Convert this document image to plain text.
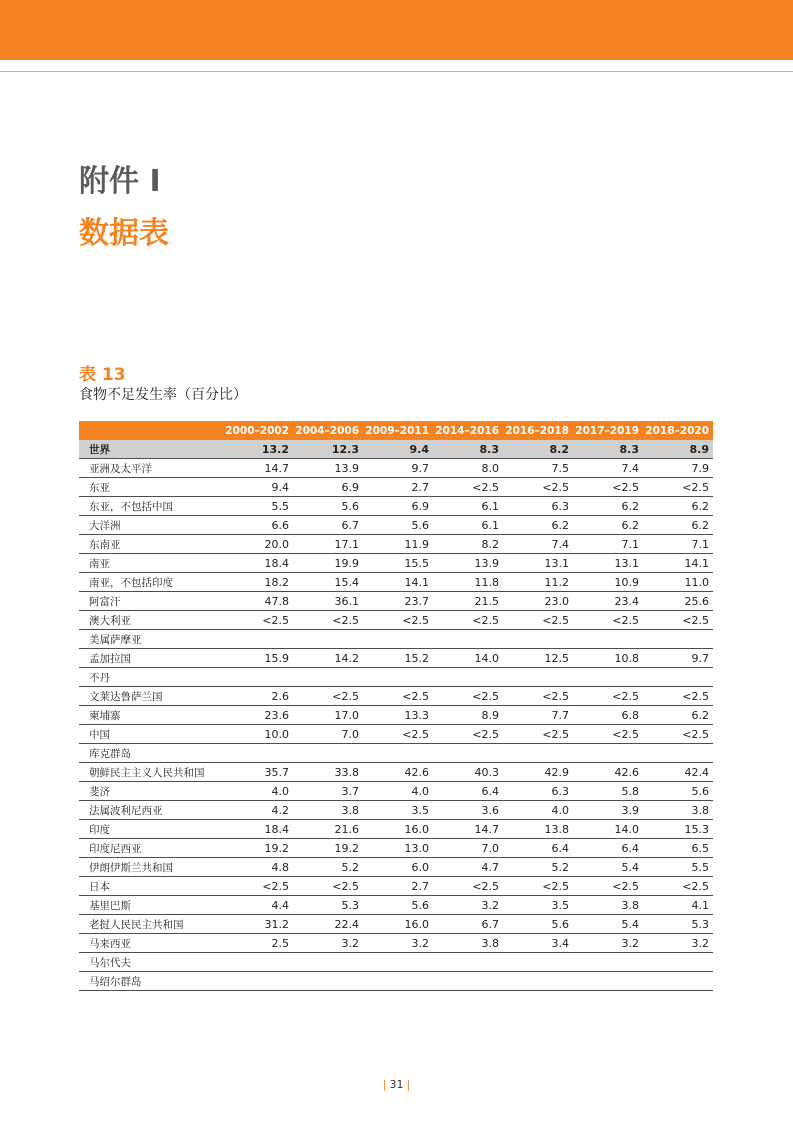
附件 I
数据表
表 13
食物不足发生率（百分比）
	2000–2002	2004–2006	2009–2011	2014–2016	2016–2018	2017–2019	2018–2020
世界	13.2	12.3	9.4	8.3	8.2	8.3	8.9
亚洲及太平洋	14.7	13.9	9.7	8.0	7.5	7.4	7.9
东亚	9.4	6.9	2.7	<2.5	<2.5	<2.5	<2.5
东亚，不包括中国	5.5	5.6	6.9	6.1	6.3	6.2	6.2
大洋洲	6.6	6.7	5.6	6.1	6.2	6.2	6.2
东南亚	20.0	17.1	11.9	8.2	7.4	7.1	7.1
南亚	18.4	19.9	15.5	13.9	13.1	13.1	14.1
南亚，不包括印度	18.2	15.4	14.1	11.8	11.2	10.9	11.0
阿富汗	47.8	36.1	23.7	21.5	23.0	23.4	25.6
澳大利亚	<2.5	<2.5	<2.5	<2.5	<2.5	<2.5	<2.5
美属萨摩亚							
孟加拉国	15.9	14.2	15.2	14.0	12.5	10.8	9.7
不丹							
文莱达鲁萨兰国	2.6	<2.5	<2.5	<2.5	<2.5	<2.5	<2.5
柬埔寨	23.6	17.0	13.3	8.9	7.7	6.8	6.2
中国	10.0	7.0	<2.5	<2.5	<2.5	<2.5	<2.5
库克群岛							
朝鲜民主主义人民共和国	35.7	33.8	42.6	40.3	42.9	42.6	42.4
斐济	4.0	3.7	4.0	6.4	6.3	5.8	5.6
法属波利尼西亚	4.2	3.8	3.5	3.6	4.0	3.9	3.8
印度	18.4	21.6	16.0	14.7	13.8	14.0	15.3
印度尼西亚	19.2	19.2	13.0	7.0	6.4	6.4	6.5
伊朗伊斯兰共和国	4.8	5.2	6.0	4.7	5.2	5.4	5.5
日本	<2.5	<2.5	2.7	<2.5	<2.5	<2.5	<2.5
基里巴斯	4.4	5.3	5.6	3.2	3.5	3.8	4.1
老挝人民民主共和国	31.2	22.4	16.0	6.7	5.6	5.4	5.3
马来西亚	2.5	3.2	3.2	3.8	3.4	3.2	3.2
马尔代夫							
马绍尔群岛							
| 31 |
